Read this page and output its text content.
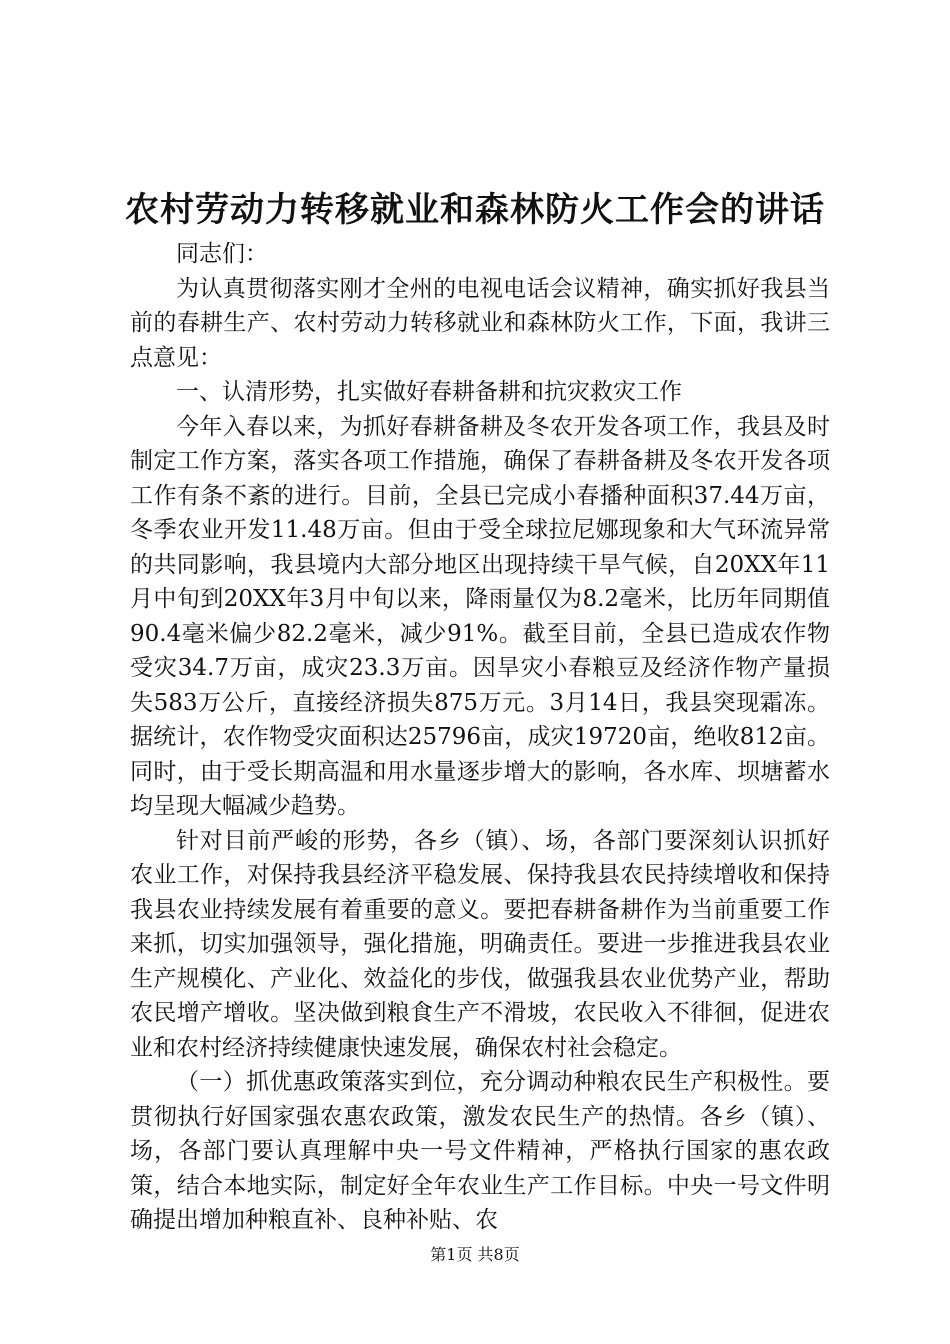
农村劳动力转移就业和森林防火工作会的讲话

同志们：

为认真贯彻落实刚才全州的电视电话会议精神，确实抓好我县当前的春耕生产、农村劳动力转移就业和森林防火工作，下面，我讲三点意见：

一、认清形势，扎实做好春耕备耕和抗灾救灾工作

今年入春以来，为抓好春耕备耕及冬农开发各项工作，我县及时制定工作方案，落实各项工作措施，确保了春耕备耕及冬农开发各项工作有条不紊的进行。目前，全县已完成小春播种面积37.44万亩，冬季农业开发11.48万亩。但由于受全球拉尼娜现象和大气环流异常的共同影响，我县境内大部分地区出现持续干旱气候，自20XX年11月中旬到20XX年3月中旬以来，降雨量仅为8.2毫米，比历年同期值90.4毫米偏少82.2毫米，减少91%。截至目前，全县已造成农作物受灾34.7万亩，成灾23.3万亩。因旱灾小春粮豆及经济作物产量损失583万公斤，直接经济损失875万元。3月14日，我县突现霜冻。据统计，农作物受灾面积达25796亩，成灾19720亩，绝收812亩。同时，由于受长期高温和用水量逐步增大的影响，各水库、坝塘蓄水均呈现大幅减少趋势。

针对目前严峻的形势，各乡（镇）、场，各部门要深刻认识抓好农业工作，对保持我县经济平稳发展、保持我县农民持续增收和保持我县农业持续发展有着重要的意义。要把春耕备耕作为当前重要工作来抓，切实加强领导，强化措施，明确责任。要进一步推进我县农业生产规模化、产业化、效益化的步伐，做强我县农业优势产业，帮助农民增产增收。坚决做到粮食生产不滑坡，农民收入不徘徊，促进农业和农村经济持续健康快速发展，确保农村社会稳定。

（一）抓优惠政策落实到位，充分调动种粮农民生产积极性。要贯彻执行好国家强农惠农政策，激发农民生产的热情。各乡（镇）、场，各部门要认真理解中央一号文件精神，严格执行国家的惠农政策，结合本地实际，制定好全年农业生产工作目标。中央一号文件明确提出增加种粮直补、良种补贴、农

第1页 共8页
